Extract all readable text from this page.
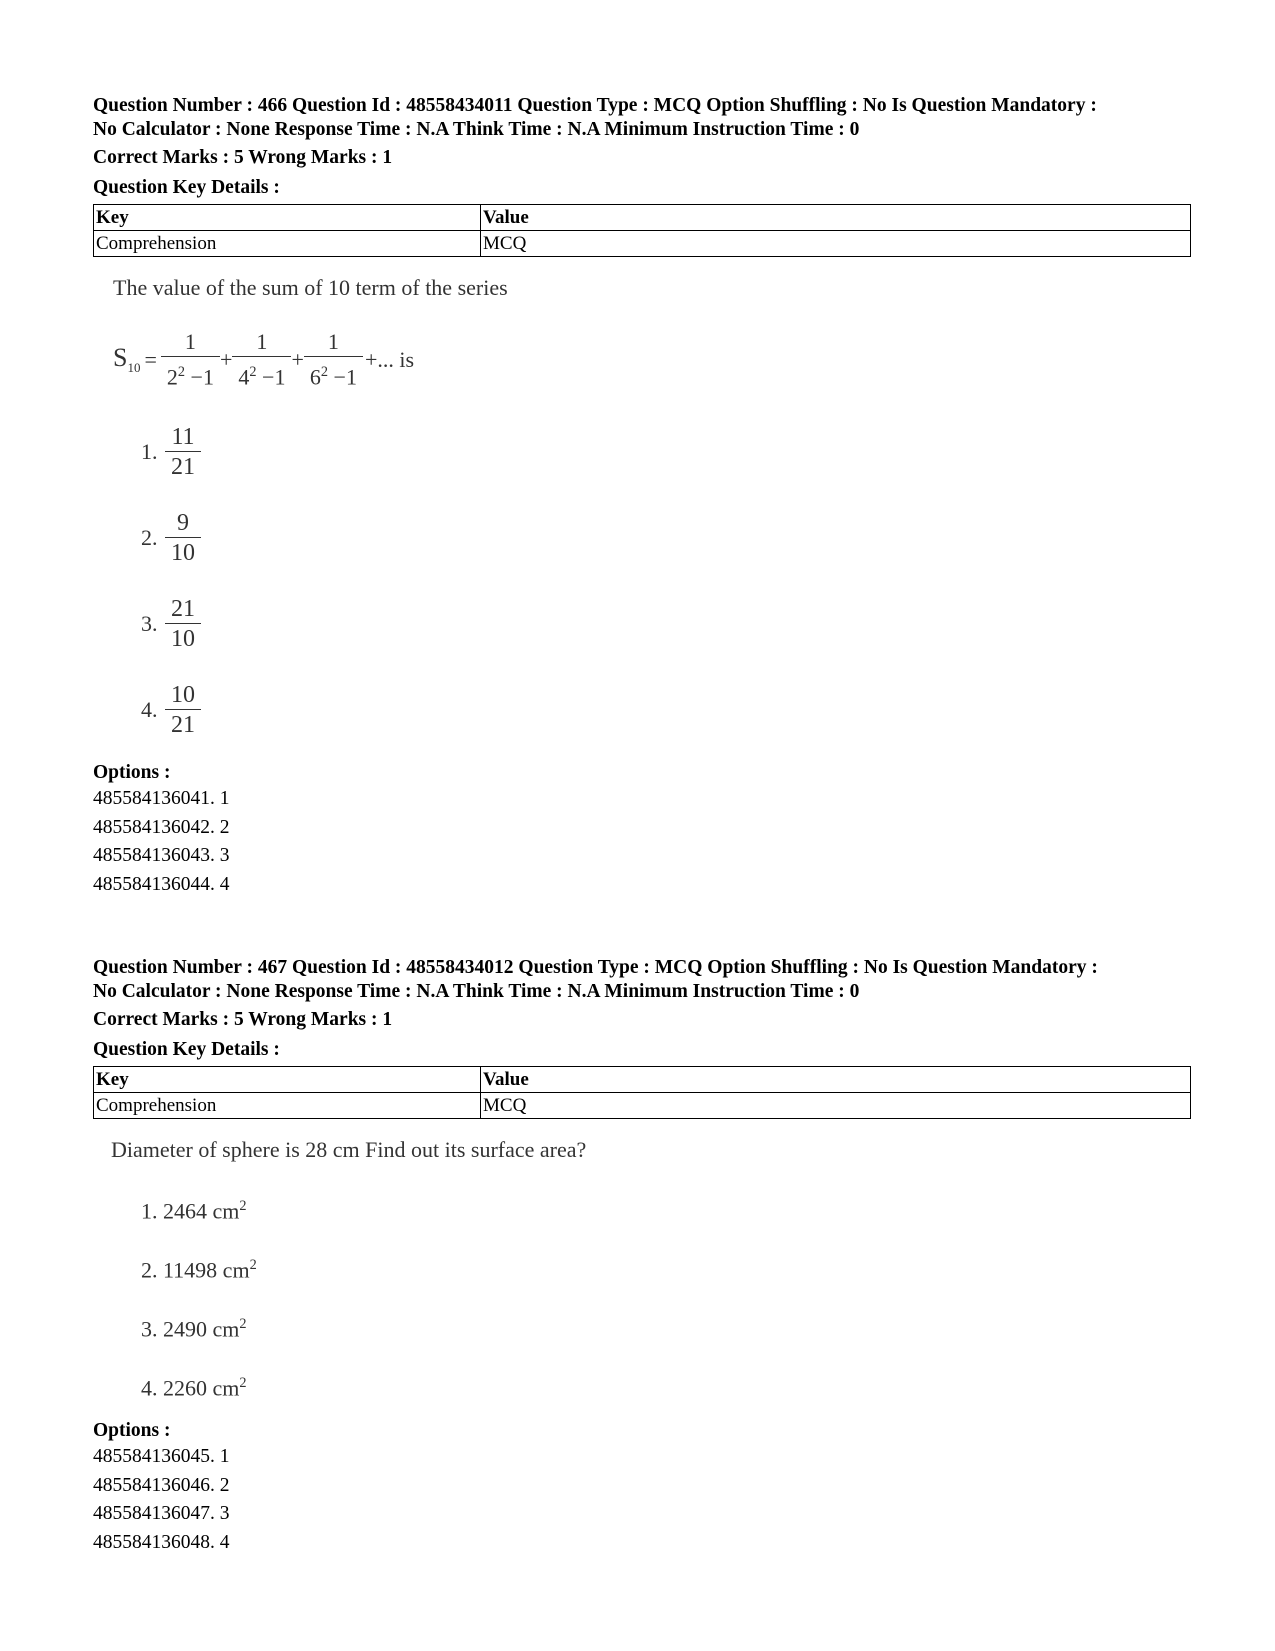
Question Number : 466 Question Id : 48558434011 Question Type : MCQ Option Shuffling : No Is Question Mandatory :
No Calculator : None Response Time : N.A Think Time : N.A Minimum Instruction Time : 0
Correct Marks : 5 Wrong Marks : 1
Question Key Details :
Key	Value
Comprehension	MCQ
The value of the sum of 10 term of the series
$S_{10} = \frac{1}{2^2 -1} + \frac{1}{4^2 -1} + \frac{1}{6^2 -1}$ +... is
1. $\frac{11}{21}$
2. $\frac{9}{10}$
3. $\frac{21}{10}$
4. $\frac{10}{21}$
Options :
485584136041. 1
485584136042. 2
485584136043. 3
485584136044. 4
Question Number : 467 Question Id : 48558434012 Question Type : MCQ Option Shuffling : No Is Question Mandatory :
No Calculator : None Response Time : N.A Think Time : N.A Minimum Instruction Time : 0
Correct Marks : 5 Wrong Marks : 1
Question Key Details :
Key	Value
Comprehension	MCQ
Diameter of sphere is 28 cm Find out its surface area?
1. 2464 $cm^2$
2. 11498 $cm^2$
3. 2490 $cm^2$
4. 2260 $cm^2$
Options :
485584136045. 1
485584136046. 2
485584136047. 3
485584136048. 4
